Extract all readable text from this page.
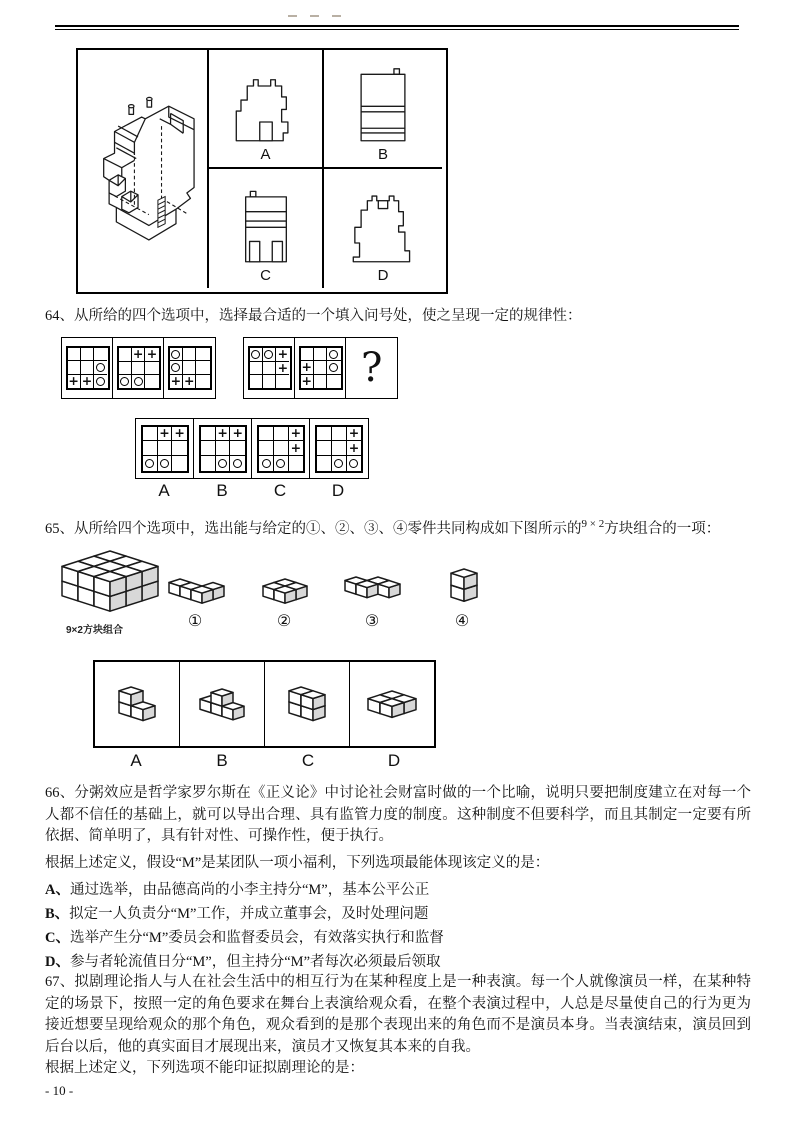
A	B
C	D
64、从所给的四个选项中，选择最合适的一个填入问号处，使之呈现一定的规律性：
+ +
+ +
+ +
+
+ +
+ ?
+ +	+ +	+
+
+
+
A	B	C	D
65、从所给四个选项中，选出能与给定的①、②、③、④零件共同构成如下图所示的$^{9 \times 2}$方块组合的一项：
9×2方块组合
①	②	③	④
A	B	C	D
66、分粥效应是哲学家罗尔斯在《正义论》中讨论社会财富时做的一个比喻，说明只要把制度建立在对每一个人都不信任的基础上，就可以导出合理、具有监管力度的制度。这种制度不但要科学，而且其制定一定要有所依据、简单明了，具有针对性、可操作性，便于执行。
根据上述定义，假设“M”是某团队一项小福利，下列选项最能体现该定义的是：
A、通过选举，由品德高尚的小李主持分“M”，基本公平公正
B、拟定一人负责分“M”工作，并成立董事会，及时处理问题
C、选举产生分“M”委员会和监督委员会，有效落实执行和监督
D、参与者轮流值日分“M”，但主持分“M”者每次必须最后领取
67、拟剧理论指人与人在社会生活中的相互行为在某种程度上是一种表演。每一个人就像演员一样，在某种特定的场景下，按照一定的角色要求在舞台上表演给观众看，在整个表演过程中，人总是尽量使自己的行为更为接近想要呈现给观众的那个角色，观众看到的是那个表现出来的角色而不是演员本身。当表演结束，演员回到后台以后，他的真实面目才展现出来，演员才又恢复其本来的自我。
根据上述定义，下列选项不能印证拟剧理论的是：
- 10 -
